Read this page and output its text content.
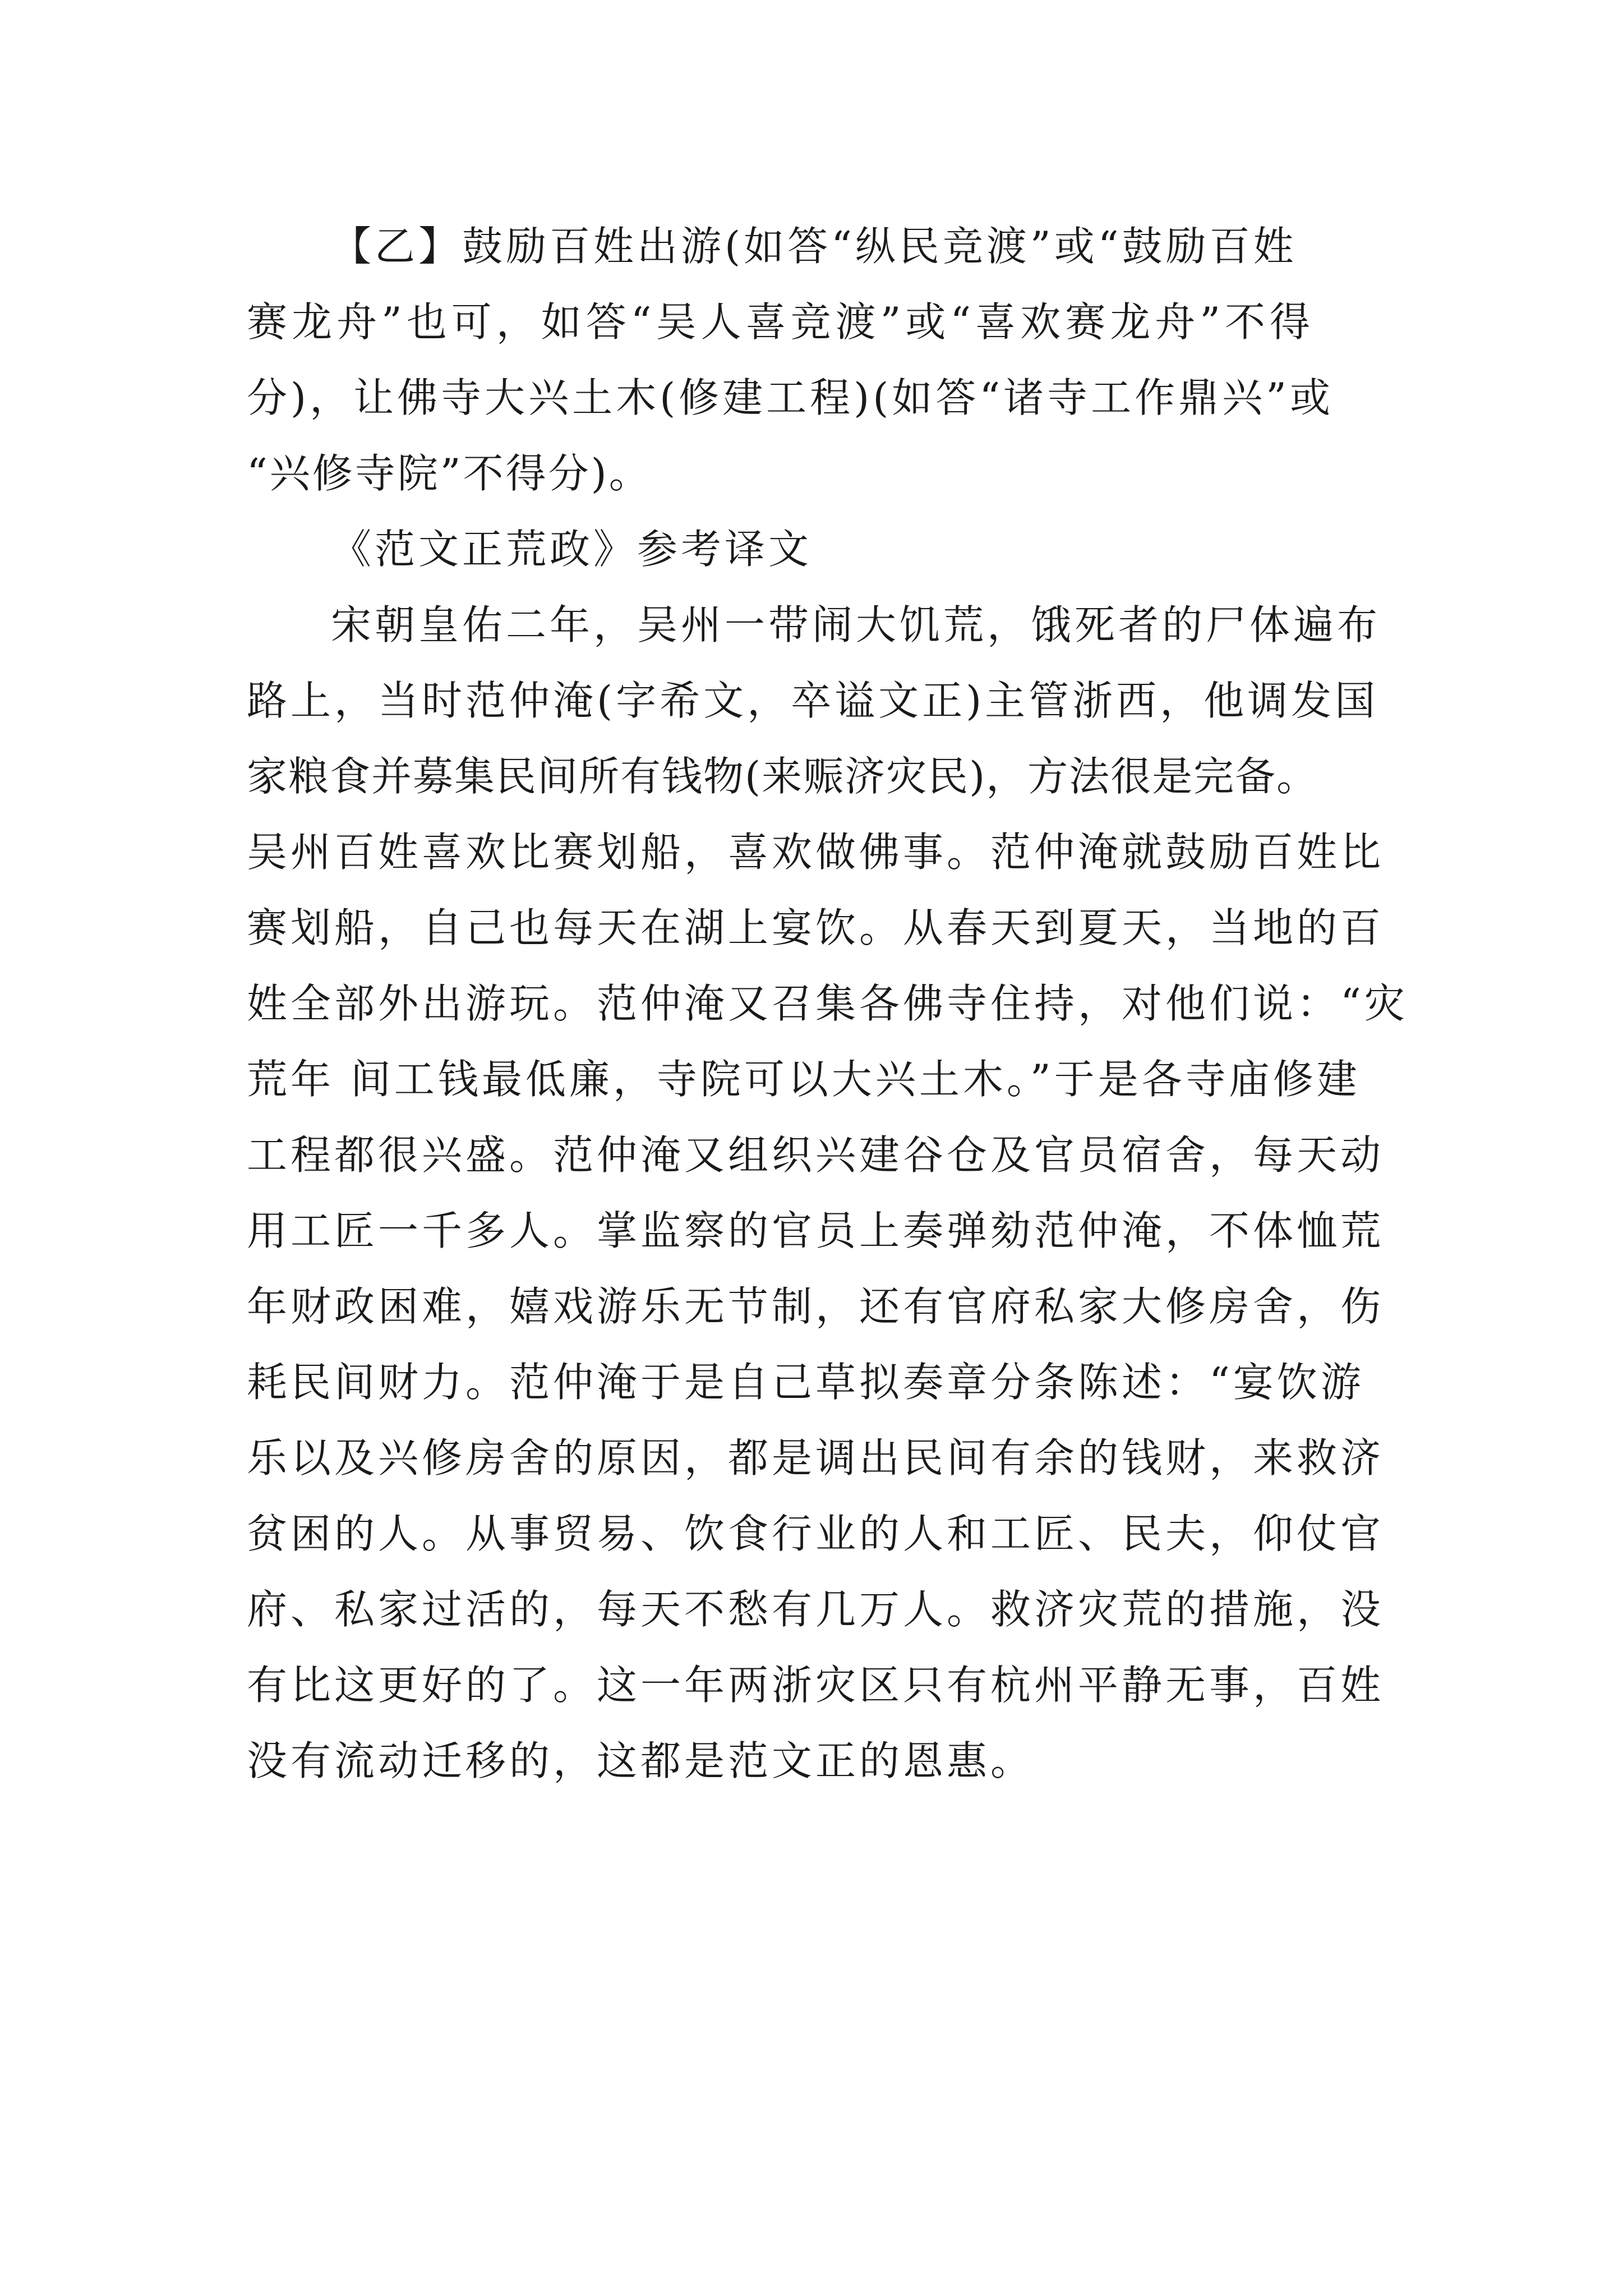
【乙】鼓励百姓出游(如答“纵民竞渡”或“鼓励百姓
赛龙舟”也可，如答“吴人喜竞渡”或“喜欢赛龙舟”不得
分)，让佛寺大兴土木(修建工程)(如答“诸寺工作鼎兴”或
“兴修寺院”不得分)。
《范文正荒政》参考译文
宋朝皇佑二年，吴州一带闹大饥荒，饿死者的尸体遍布
路上，当时范仲淹(字希文，卒谥文正)主管浙西，他调发国
家粮食并募集民间所有钱物(来赈济灾民)，方法很是完备。
吴州百姓喜欢比赛划船，喜欢做佛事。范仲淹就鼓励百姓比
赛划船，自己也每天在湖上宴饮。从春天到夏天，当地的百
姓全部外出游玩。范仲淹又召集各佛寺住持，对他们说：“灾
荒年 间工钱最低廉，寺院可以大兴土木。”于是各寺庙修建
工程都很兴盛。范仲淹又组织兴建谷仓及官员宿舍，每天动
用工匠一千多人。掌监察的官员上奏弹劾范仲淹，不体恤荒
年财政困难，嬉戏游乐无节制，还有官府私家大修房舍，伤
耗民间财力。范仲淹于是自己草拟奏章分条陈述：“宴饮游
乐以及兴修房舍的原因，都是调出民间有余的钱财，来救济
贫困的人。从事贸易、饮食行业的人和工匠、民夫，仰仗官
府、私家过活的，每天不愁有几万人。救济灾荒的措施，没
有比这更好的了。这一年两浙灾区只有杭州平静无事，百姓
没有流动迁移的，这都是范文正的恩惠。
